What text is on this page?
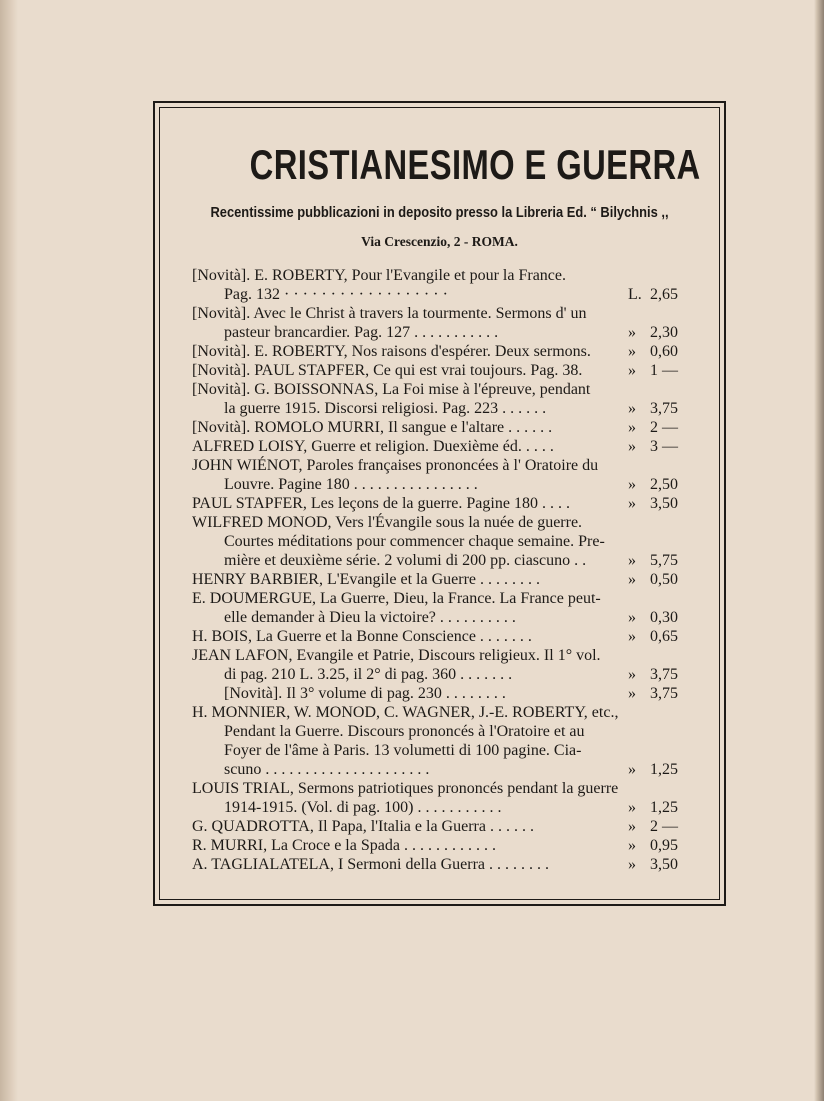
CRISTIANESIMO E GUERRA
Recentissime pubblicazioni in deposito presso la Libreria Ed. “ Bilychnis ,,
Via Crescenzio, 2 - ROMA.
[Novità]. E. ROBERTY, Pour l'Evangile et pour la France.
Pag. 132 · · · · · · · · · · · · · · · · · ·	L. 2,65
[Novità]. Avec le Christ à travers la tourmente. Sermons d' un
pasteur brancardier. Pag. 127 . . . . . . . . . . .	» 2,30
[Novità]. E. ROBERTY, Nos raisons d'espérer. Deux sermons.	» 0,60
[Novità]. PAUL STAPFER, Ce qui est vrai toujours. Pag. 38.	» 1 —
[Novità]. G. BOISSONNAS, La Foi mise à l'épreuve, pendant
la guerre 1915. Discorsi religiosi. Pag. 223 . . . . . .	» 3,75
[Novità]. ROMOLO MURRI, Il sangue e l'altare . . . . . .	» 2 —
ALFRED LOISY, Guerre et religion. Duexième éd. . . . .	» 3 —
JOHN WIÉNOT, Paroles françaises prononcées à l' Oratoire du
Louvre. Pagine 180 . . . . . . . . . . . . . . . .	» 2,50
PAUL STAPFER, Les leçons de la guerre. Pagine 180 . . . .	» 3,50
WILFRED MONOD, Vers l'Évangile sous la nuée de guerre.
Courtes méditations pour commencer chaque semaine. Pre-
mière et deuxième série. 2 volumi di 200 pp. ciascuno . .	» 5,75
HENRY BARBIER, L'Evangile et la Guerre . . . . . . . .	» 0,50
E. DOUMERGUE, La Guerre, Dieu, la France. La France peut-
elle demander à Dieu la victoire? . . . . . . . . . .	» 0,30
H. BOIS, La Guerre et la Bonne Conscience . . . . . . .	» 0,65
JEAN LAFON, Evangile et Patrie, Discours religieux. Il 1° vol.
di pag. 210 L. 3.25, il 2° di pag. 360 . . . . . . .	» 3,75
[Novità]. Il 3° volume di pag. 230 . . . . . . . .	» 3,75
H. MONNIER, W. MONOD, C. WAGNER, J.-E. ROBERTY, etc.,
Pendant la Guerre. Discours prononcés à l'Oratoire et au
Foyer de l'âme à Paris. 13 volumetti di 100 pagine. Cia-
scuno . . . . . . . . . . . . . . . . . . . . .	» 1,25
LOUIS TRIAL, Sermons patriotiques prononcés pendant la guerre
1914-1915. (Vol. di pag. 100) . . . . . . . . . . .	» 1,25
G. QUADROTTA, Il Papa, l'Italia e la Guerra . . . . . .	» 2 —
R. MURRI, La Croce e la Spada . . . . . . . . . . . .	» 0,95
A. TAGLIALATELA, I Sermoni della Guerra . . . . . . . .	» 3,50
